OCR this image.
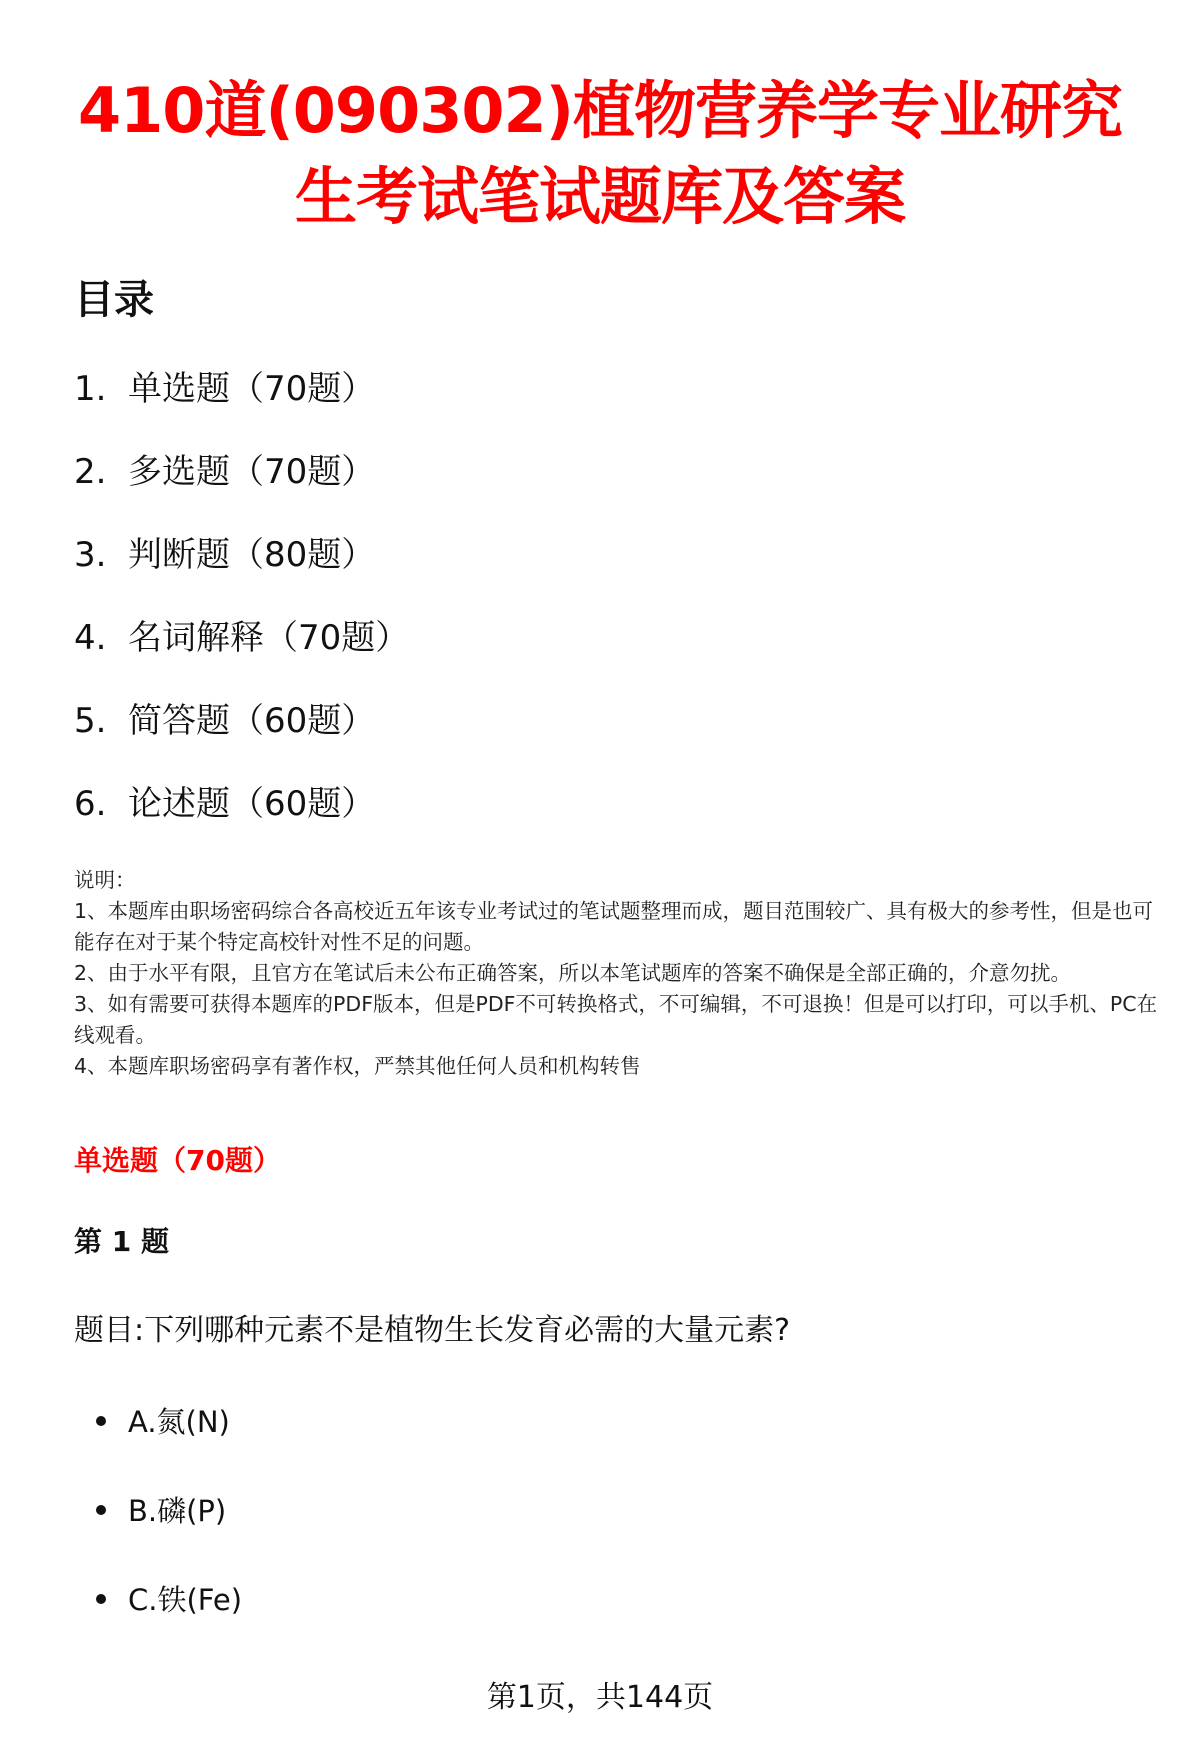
410道(090302)植物营养学专业研究生考试笔试题库及答案
目录
1. 单选题（70题）
2. 多选题（70题）
3. 判断题（80题）
4. 名词解释（70题）
5. 简答题（60题）
6. 论述题（60题）
说明：
1、本题库由职场密码综合各高校近五年该专业考试过的笔试题整理而成，题目范围较广、具有极大的参考性，但是也可能存在对于某个特定高校针对性不足的问题。
2、由于水平有限，且官方在笔试后未公布正确答案，所以本笔试题库的答案不确保是全部正确的，介意勿扰。
3、如有需要可获得本题库的PDF版本，但是PDF不可转换格式，不可编辑，不可退换！但是可以打印，可以手机、PC在线观看。
4、本题库职场密码享有著作权，严禁其他任何人员和机构转售
单选题（70题）
第 1 题

题目:下列哪种元素不是植物生长发育必需的大量元素?

A.氮(N)
B.磷(P)
C.铁(Fe)
第1页，共144页
